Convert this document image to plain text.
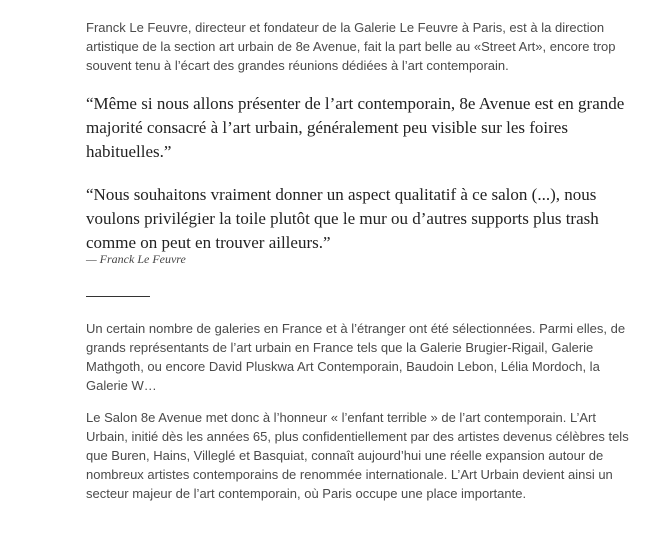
Franck Le Feuvre, directeur et fondateur de la Galerie Le Feuvre à Paris, est à la direction artistique de la section art urbain de 8e Avenue, fait la part belle au «Street Art», encore trop souvent tenu à l’écart des grandes réunions dédiées à l’art contemporain.

“Même si nous allons présenter de l’art contemporain, 8e Avenue est en grande majorité consacré à l’art urbain, généralement peu visible sur les foires habituelles.”

“Nous souhaitons vraiment donner un aspect qualitatif à ce salon (...), nous voulons privilégier la toile plutôt que le mur ou d’autres supports plus trash comme on peut en trouver ailleurs.”

— Franck Le Feuvre

Un certain nombre de galeries en France et à l’étranger ont été sélectionnées. Parmi elles, de grands représentants de l’art urbain en France tels que la Galerie Brugier-Rigail, Galerie Mathgoth, ou encore David Pluskwa Art Contemporain, Baudoin Lebon, Lélia Mordoch, la Galerie W…

Le Salon 8e Avenue met donc à l’honneur « l’enfant terrible » de l’art contemporain. L’Art Urbain, initié dès les années 65, plus confidentiellement par des artistes devenus célèbres tels que Buren, Hains, Villeglé et Basquiat, connaît aujourd’hui une réelle expansion autour de nombreux artistes contemporains de renommée internationale. L’Art Urbain devient ainsi un secteur majeur de l’art contemporain, où Paris occupe une place importante.
